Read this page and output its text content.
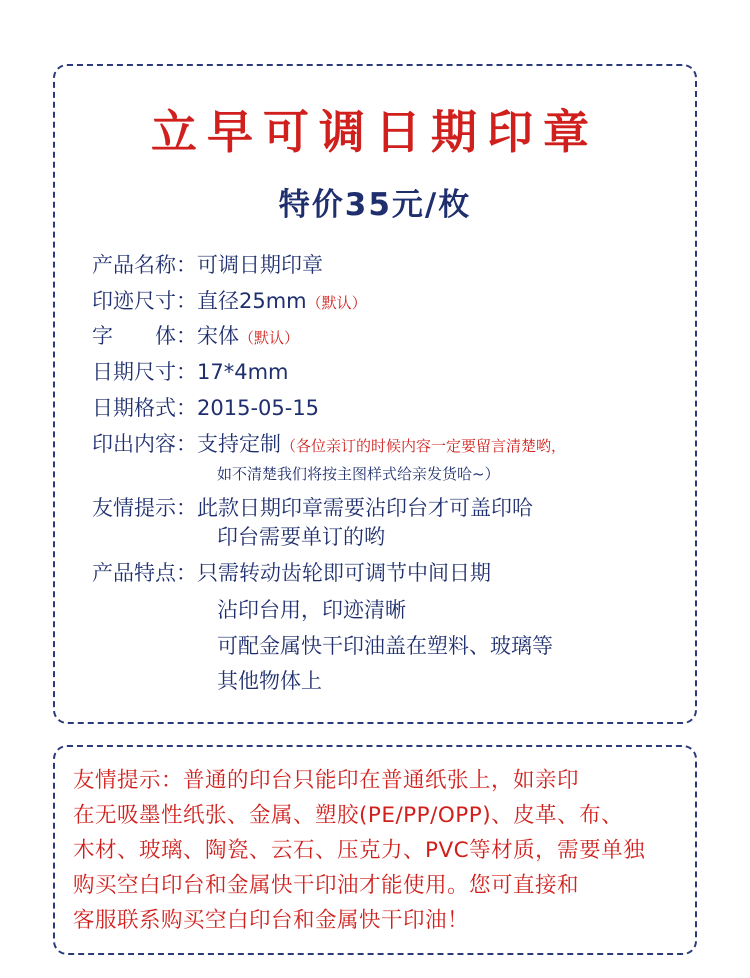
立早可调日期印章
特价35元/枚
产品名称：可调日期印章
印迹尺寸：直径25mm（默认）
字 体：宋体（默认）
日期尺寸：17*4mm
日期格式：2015-05-15
印出内容：支持定制（各位亲订的时候内容一定要留言清楚哟，
如不清楚我们将按主图样式给亲发货哈~）
友情提示：此款日期印章需要沾印台才可盖印哈
印台需要单订的哟
产品特点：只需转动齿轮即可调节中间日期
沾印台用，印迹清晰
可配金属快干印油盖在塑料、玻璃等
其他物体上
友情提示：普通的印台只能印在普通纸张上，如亲印
在无吸墨性纸张、金属、塑胶(PE/PP/OPP)、皮革、布、
木材、玻璃、陶瓷、云石、压克力、PVC等材质，需要单独
购买空白印台和金属快干印油才能使用。您可直接和
客服联系购买空白印台和金属快干印油！
